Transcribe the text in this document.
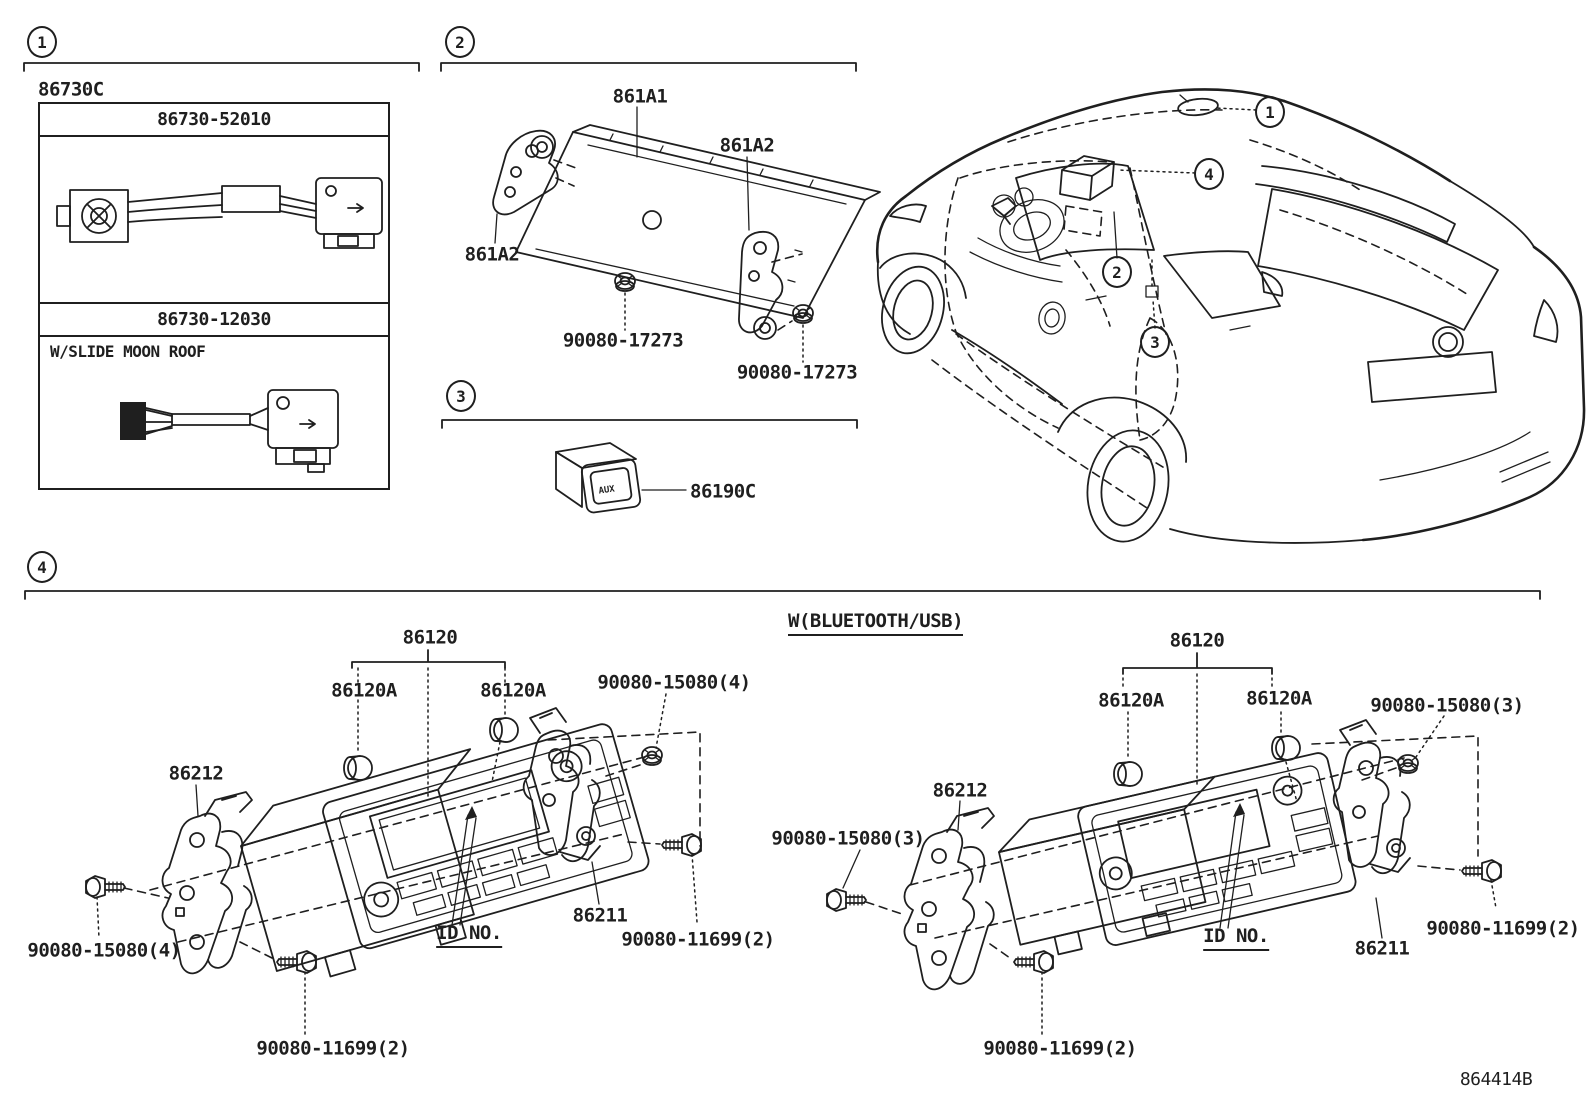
AUX
1	2
3
4
1
4
2
3
86730C
86730-52010
86730-12030
W/SLIDE MOON ROOF
861A1
861A2
861A2
90080-17273
90080-17273
86190C
86120
86120A	86120A	90080-15080(4)
86212
90080-15080(4)
90080-11699(2)
ID NO.
86211
90080-11699(2)
W(BLUETOOTH/USB)
86120
86120A	86120A	90080-15080(3)
86212
90080-15080(3)
90080-11699(2)
ID NO.
86211
90080-11699(2)
864414B
